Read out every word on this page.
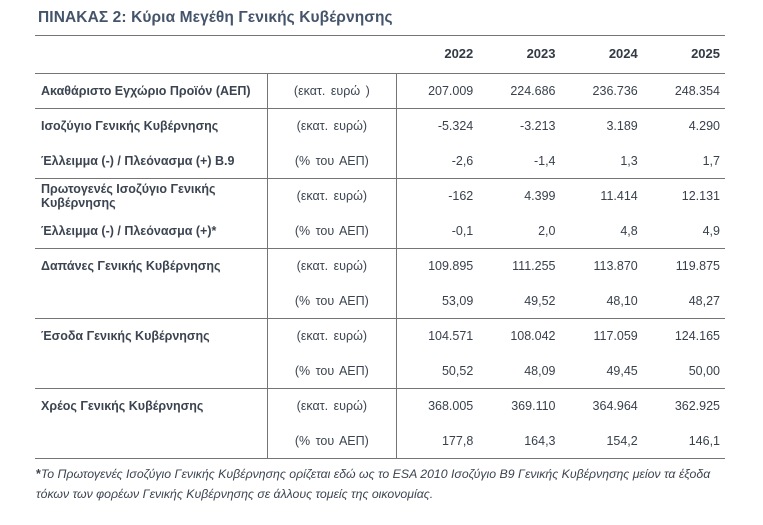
ΠΙΝΑΚΑΣ 2: Κύρια Μεγέθη Γενικής Κυβέρνησης
		2022	2023	2024	2025
Ακαθάριστο Εγχώριο Προϊόν (ΑΕΠ)	(εκατ. ευρώ )	207.009	224.686	236.736	248.354
Ισοζύγιο Γενικής Κυβέρνησης	(εκατ. ευρώ)	-5.324	-3.213	3.189	4.290
Έλλειμμα (-) / Πλεόνασμα (+) B.9	(% του ΑΕΠ)	-2,6	-1,4	1,3	1,7
Πρωτογενές Ισοζύγιο Γενικής Κυβέρνησης	(εκατ. ευρώ)	-162	4.399	11.414	12.131
Έλλειμμα (-) / Πλεόνασμα (+)*	(% του ΑΕΠ)	-0,1	2,0	4,8	4,9
Δαπάνες Γενικής Κυβέρνησης	(εκατ. ευρώ)	109.895	111.255	113.870	119.875
	(% του ΑΕΠ)	53,09	49,52	48,10	48,27
Έσοδα Γενικής Κυβέρνησης	(εκατ. ευρώ)	104.571	108.042	117.059	124.165
	(% του ΑΕΠ)	50,52	48,09	49,45	50,00
Χρέος Γενικής Κυβέρνησης	(εκατ. ευρώ)	368.005	369.110	364.964	362.925
	(% του ΑΕΠ)	177,8	164,3	154,2	146,1

*Το Πρωτογενές Ισοζύγιο Γενικής Κυβέρνησης ορίζεται εδώ ως το ESA 2010 Ισοζύγιο B9 Γενικής Κυβέρνησης μείον τα έξοδα τόκων των φορέων Γενικής Κυβέρνησης σε άλλους τομείς της οικονομίας.
